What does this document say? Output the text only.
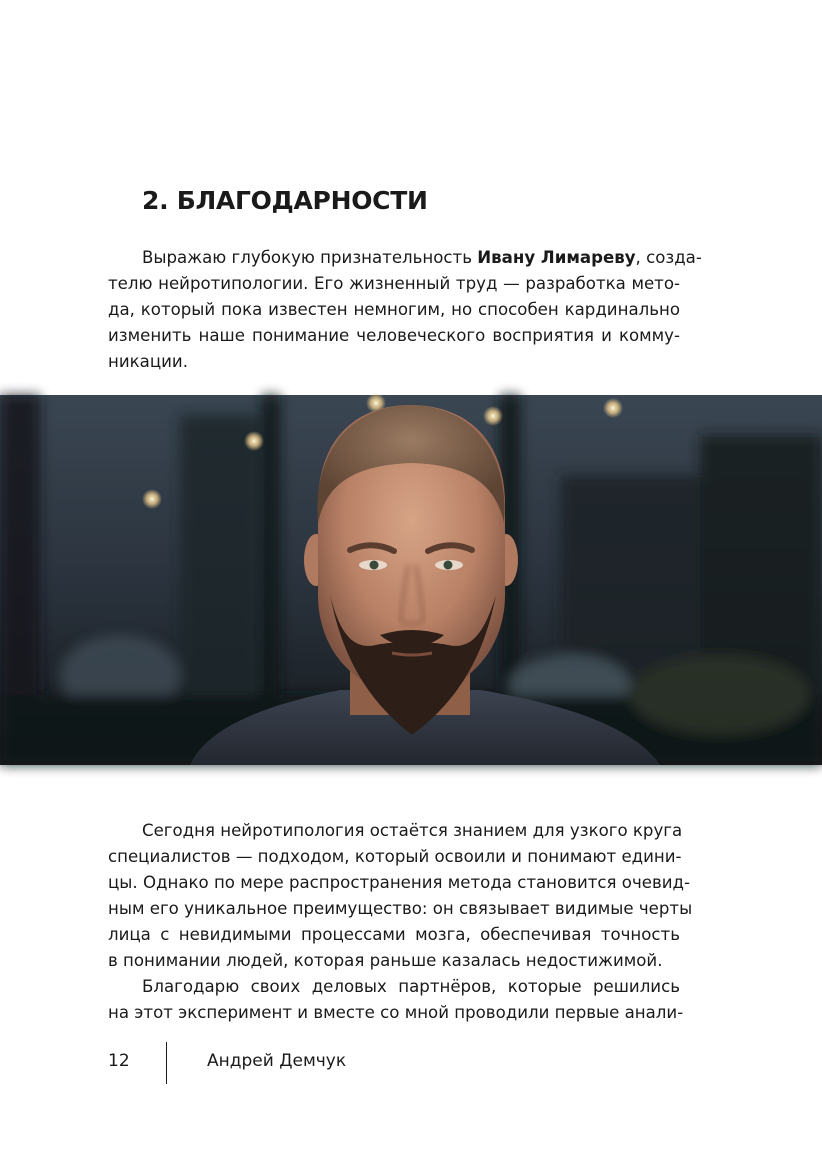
2. БЛАГОДАРНОСТИ
Выражаю глубокую признательность Ивану Лимареву, созда-
телю нейротипологии. Его жизненный труд — разработка мето-
да, который пока известен немногим, но способен кардинально
изменить наше понимание человеческого восприятия и комму-
никации.
Сегодня нейротипология остаётся знанием для узкого круга
специалистов — подходом, который освоили и понимают едини-
цы. Однако по мере распространения метода становится очевид-
ным его уникальное преимущество: он связывает видимые черты
лица с невидимыми процессами мозга, обеспечивая точность
в понимании людей, которая раньше казалась недостижимой.
Благодарю своих деловых партнёров, которые решились
на этот эксперимент и вместе со мной проводили первые анали-
12	Андрей Демчук
